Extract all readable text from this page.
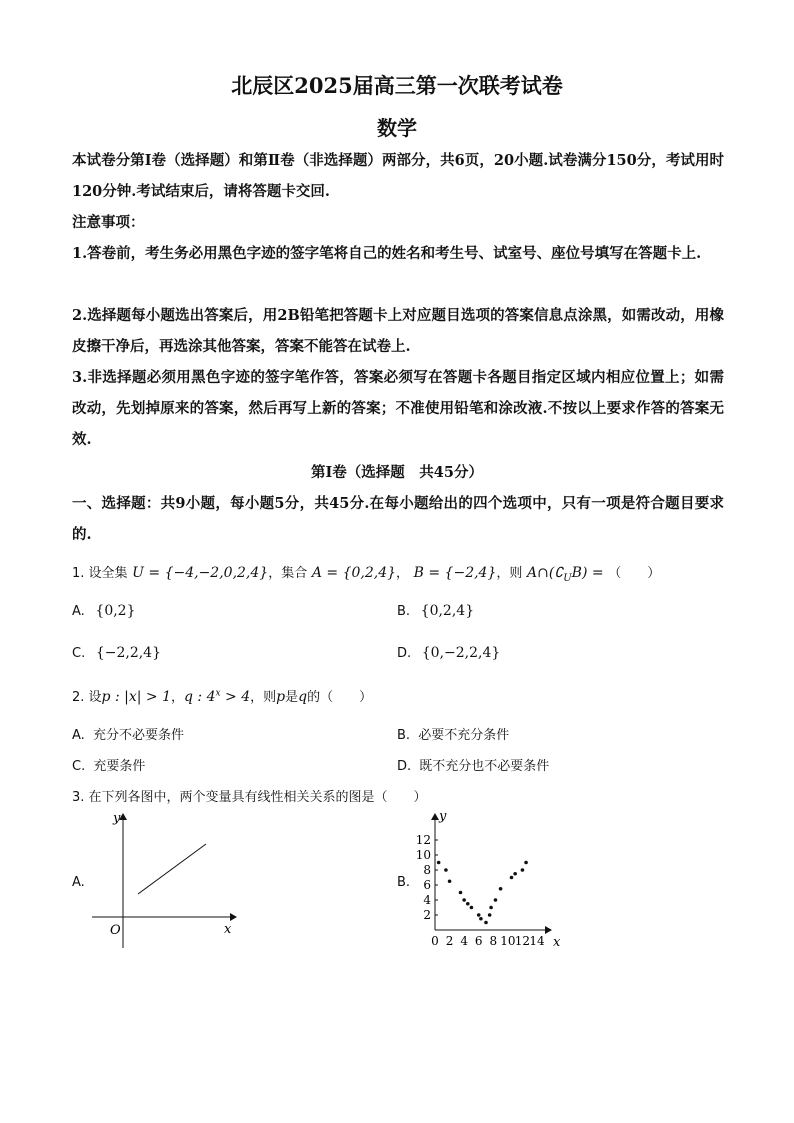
北辰区2025届高三第一次联考试卷
数学
本试卷分第Ⅰ卷（选择题）和第Ⅱ卷（非选择题）两部分，共6页，20小题.试卷满分150分，考试用时120分钟.考试结束后，请将答题卡交回.
注意事项：
1.答卷前，考生务必用黑色字迹的签字笔将自己的姓名和考生号、试室号、座位号填写在答题卡上.
2.选择题每小题选出答案后，用2B铅笔把答题卡上对应题目选项的答案信息点涂黑，如需改动，用橡皮擦干净后，再选涂其他答案，答案不能答在试卷上.
3.非选择题必须用黑色字迹的签字笔作答，答案必须写在答题卡各题目指定区域内相应位置上；如需改动，先划掉原来的答案，然后再写上新的答案；不准使用铅笔和涂改液.不按以上要求作答的答案无效.
第Ⅰ卷（选择题　共45分）
一、选择题：共9小题，每小题5分，共45分.在每小题给出的四个选项中，只有一项是符合题目要求的.
1. 设全集 U = {−4,−2,0,2,4}，集合 A = {0,2,4}， B = {−2,4}，则 $A\cap(∁_UB)$ = （　　）
A. {0,2}	B. {0,2,4}
C. {−2,2,4}	D. {0,−2,2,4}
2. 设p : |x| > 1，q : $4^x > 4$，则p是q的（　　）
A. 充分不必要条件	B. 必要不充分条件
C. 充要条件	D. 既不充分也不必要条件
3. 在下列各图中，两个变量具有线性相关关系的图是（　　）
A.	B.
y
x
O
y
x
2
4
6
8
10
12
0 2 4 6 8 10 12 14
